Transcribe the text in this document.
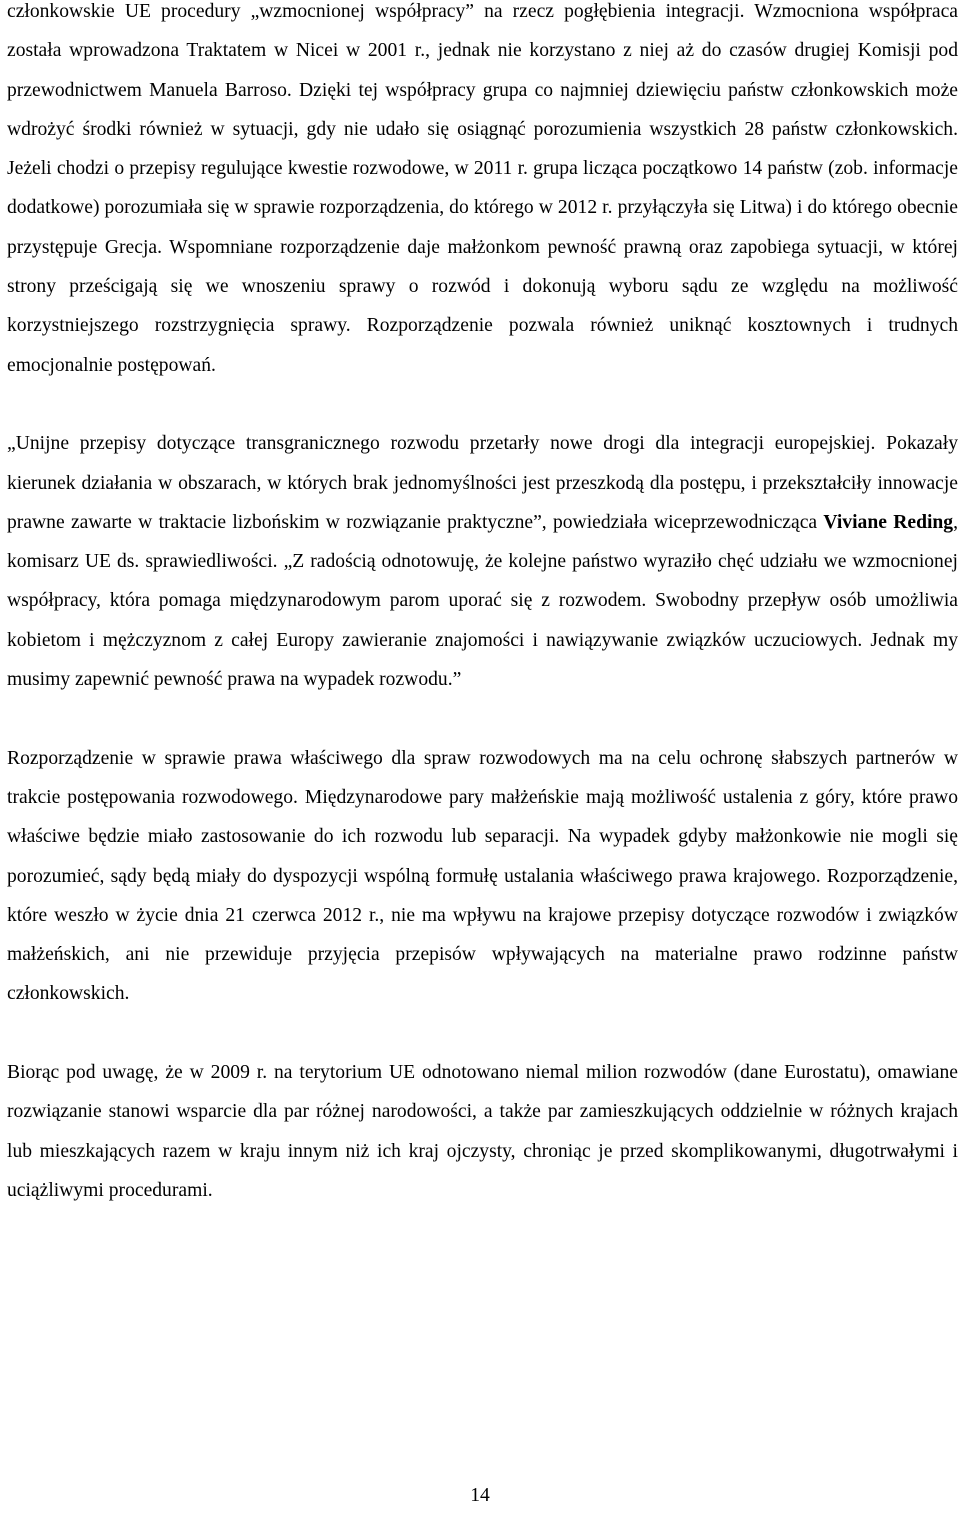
członkowskie UE procedury „wzmocnionej współpracy” na rzecz pogłębienia integracji. Wzmocniona współpraca została wprowadzona Traktatem w Nicei w 2001 r., jednak nie korzystano z niej aż do czasów drugiej Komisji pod przewodnictwem Manuela Barroso. Dzięki tej współpracy grupa co najmniej dziewięciu państw członkowskich może wdrożyć środki również w sytuacji, gdy nie udało się osiągnąć porozumienia wszystkich 28 państw członkowskich. Jeżeli chodzi o przepisy regulujące kwestie rozwodowe, w 2011 r. grupa licząca początkowo 14 państw (zob. informacje dodatkowe) porozumiała się w sprawie rozporządzenia, do którego w 2012 r. przyłączyła się Litwa) i do którego obecnie przystępuje Grecja. Wspomniane rozporządzenie daje małżonkom pewność prawną oraz zapobiega sytuacji, w której strony prześcigają się we wnoszeniu sprawy o rozwód i dokonują wyboru sądu ze względu na możliwość korzystniejszego rozstrzygnięcia sprawy. Rozporządzenie pozwala również uniknąć kosztownych i trudnych emocjonalnie postępowań.

„Unijne przepisy dotyczące transgranicznego rozwodu przetarły nowe drogi dla integracji europejskiej. Pokazały kierunek działania w obszarach, w których brak jednomyślności jest przeszkodą dla postępu, i przekształciły innowacje prawne zawarte w traktacie lizbońskim w rozwiązanie praktyczne”, powiedziała wiceprzewodnicząca Viviane Reding, komisarz UE ds. sprawiedliwości. „Z radością odnotowuję, że kolejne państwo wyraziło chęć udziału we wzmocnionej współpracy, która pomaga międzynarodowym parom uporać się z rozwodem. Swobodny przepływ osób umożliwia kobietom i mężczyznom z całej Europy zawieranie znajomości i nawiązywanie związków uczuciowych. Jednak my musimy zapewnić pewność prawa na wypadek rozwodu.”

Rozporządzenie w sprawie prawa właściwego dla spraw rozwodowych ma na celu ochronę słabszych partnerów w trakcie postępowania rozwodowego. Międzynarodowe pary małżeńskie mają możliwość ustalenia z góry, które prawo właściwe będzie miało zastosowanie do ich rozwodu lub separacji. Na wypadek gdyby małżonkowie nie mogli się porozumieć, sądy będą miały do dyspozycji wspólną formułę ustalania właściwego prawa krajowego. Rozporządzenie, które weszło w życie dnia 21 czerwca 2012 r., nie ma wpływu na krajowe przepisy dotyczące rozwodów i związków małżeńskich, ani nie przewiduje przyjęcia przepisów wpływających na materialne prawo rodzinne państw członkowskich.

Biorąc pod uwagę, że w 2009 r. na terytorium UE odnotowano niemal milion rozwodów (dane Eurostatu), omawiane rozwiązanie stanowi wsparcie dla par różnej narodowości, a także par zamieszkujących oddzielnie w różnych krajach lub mieszkających razem w kraju innym niż ich kraj ojczysty, chroniąc je przed skomplikowanymi, długotrwałymi i uciążliwymi procedurami.

14
